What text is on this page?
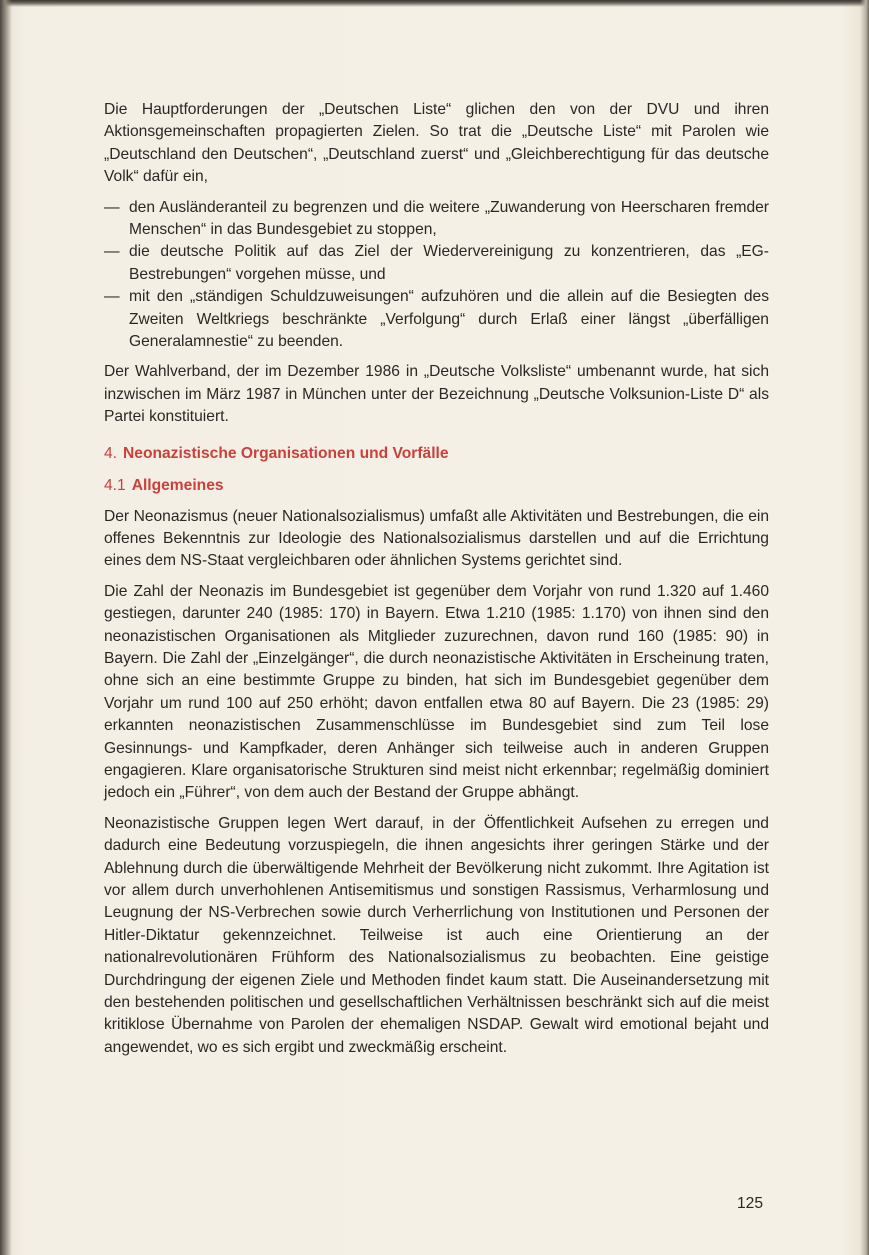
Die Hauptforderungen der „Deutschen Liste“ glichen den von der DVU und ihren Aktionsgemeinschaften propagierten Zielen. So trat die „Deutsche Liste“ mit Parolen wie „Deutschland den Deutschen“, „Deutschland zuerst“ und „Gleichberechtigung für das deutsche Volk“ dafür ein,

— den Ausländeranteil zu begrenzen und die weitere „Zuwanderung von Heerscharen fremder Menschen“ in das Bundesgebiet zu stoppen,
— die deutsche Politik auf das Ziel der Wiedervereinigung zu konzentrieren, das „EG-Bestrebungen“ vorgehen müsse, und
— mit den „ständigen Schuldzuweisungen“ aufzuhören und die allein auf die Besiegten des Zweiten Weltkriegs beschränkte „Verfolgung“ durch Erlaß einer längst „überfälligen Generalamnestie“ zu beenden.

Der Wahlverband, der im Dezember 1986 in „Deutsche Volksliste“ umbenannt wurde, hat sich inzwischen im März 1987 in München unter der Bezeichnung „Deutsche Volksunion-Liste D“ als Partei konstituiert.

4. Neonazistische Organisationen und Vorfälle
4.1 Allgemeines

Der Neonazismus (neuer Nationalsozialismus) umfaßt alle Aktivitäten und Bestrebungen, die ein offenes Bekenntnis zur Ideologie des Nationalsozialismus darstellen und auf die Errichtung eines dem NS-Staat vergleichbaren oder ähnlichen Systems gerichtet sind.

Die Zahl der Neonazis im Bundesgebiet ist gegenüber dem Vorjahr von rund 1.320 auf 1.460 gestiegen, darunter 240 (1985: 170) in Bayern. Etwa 1.210 (1985: 1.170) von ihnen sind den neonazistischen Organisationen als Mitglieder zuzurechnen, davon rund 160 (1985: 90) in Bayern. Die Zahl der „Einzelgänger“, die durch neonazistische Aktivitäten in Erscheinung traten, ohne sich an eine bestimmte Gruppe zu binden, hat sich im Bundesgebiet gegenüber dem Vorjahr um rund 100 auf 250 erhöht; davon entfallen etwa 80 auf Bayern. Die 23 (1985: 29) erkannten neonazistischen Zusammenschlüsse im Bundesgebiet sind zum Teil lose Gesinnungs- und Kampfkader, deren Anhänger sich teilweise auch in anderen Gruppen engagieren. Klare organisatorische Strukturen sind meist nicht erkennbar; regelmäßig dominiert jedoch ein „Führer“, von dem auch der Bestand der Gruppe abhängt.

Neonazistische Gruppen legen Wert darauf, in der Öffentlichkeit Aufsehen zu erregen und dadurch eine Bedeutung vorzuspiegeln, die ihnen angesichts ihrer geringen Stärke und der Ablehnung durch die überwältigende Mehrheit der Bevölkerung nicht zukommt. Ihre Agitation ist vor allem durch unverhohlenen Antisemitismus und sonstigen Rassismus, Verharmlosung und Leugnung der NS-Verbrechen sowie durch Verherrlichung von Institutionen und Personen der Hitler-Diktatur gekennzeichnet. Teilweise ist auch eine Orientierung an der nationalrevolutionären Frühform des Nationalsozialismus zu beobachten. Eine geistige Durchdringung der eigenen Ziele und Methoden findet kaum statt. Die Auseinandersetzung mit den bestehenden politischen und gesellschaftlichen Verhältnissen beschränkt sich auf die meist kritiklose Übernahme von Parolen der ehemaligen NSDAP. Gewalt wird emotional bejaht und angewendet, wo es sich ergibt und zweckmäßig erscheint.

125
